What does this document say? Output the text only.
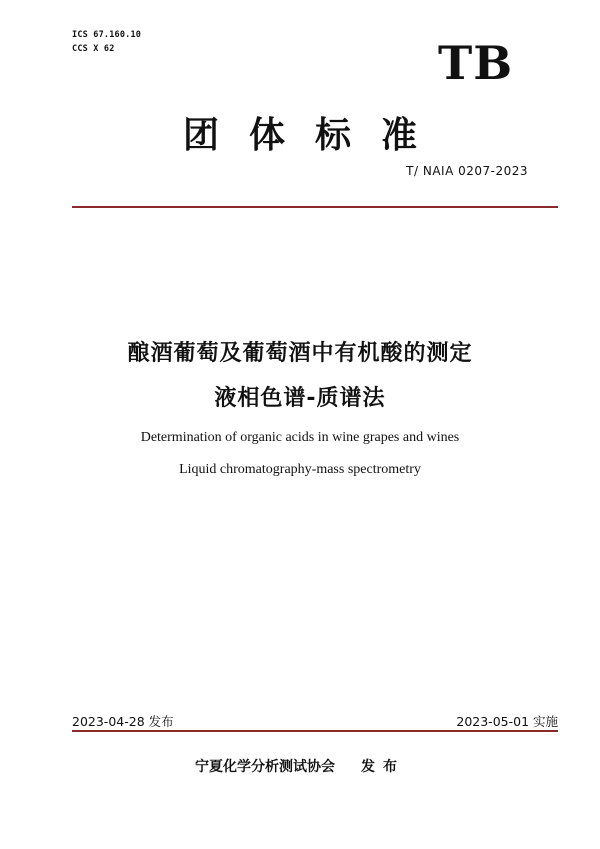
ICS 67.160.10
CCS X 62	TB
团体标准
T/ NAIA 0207-2023
酿酒葡萄及葡萄酒中有机酸的测定
液相色谱-质谱法
Determination of organic acids in wine grapes and wines
Liquid chromatography-mass spectrometry
2023-04-28 发布	2023-05-01 实施
宁夏化学分析测试协会 发布
